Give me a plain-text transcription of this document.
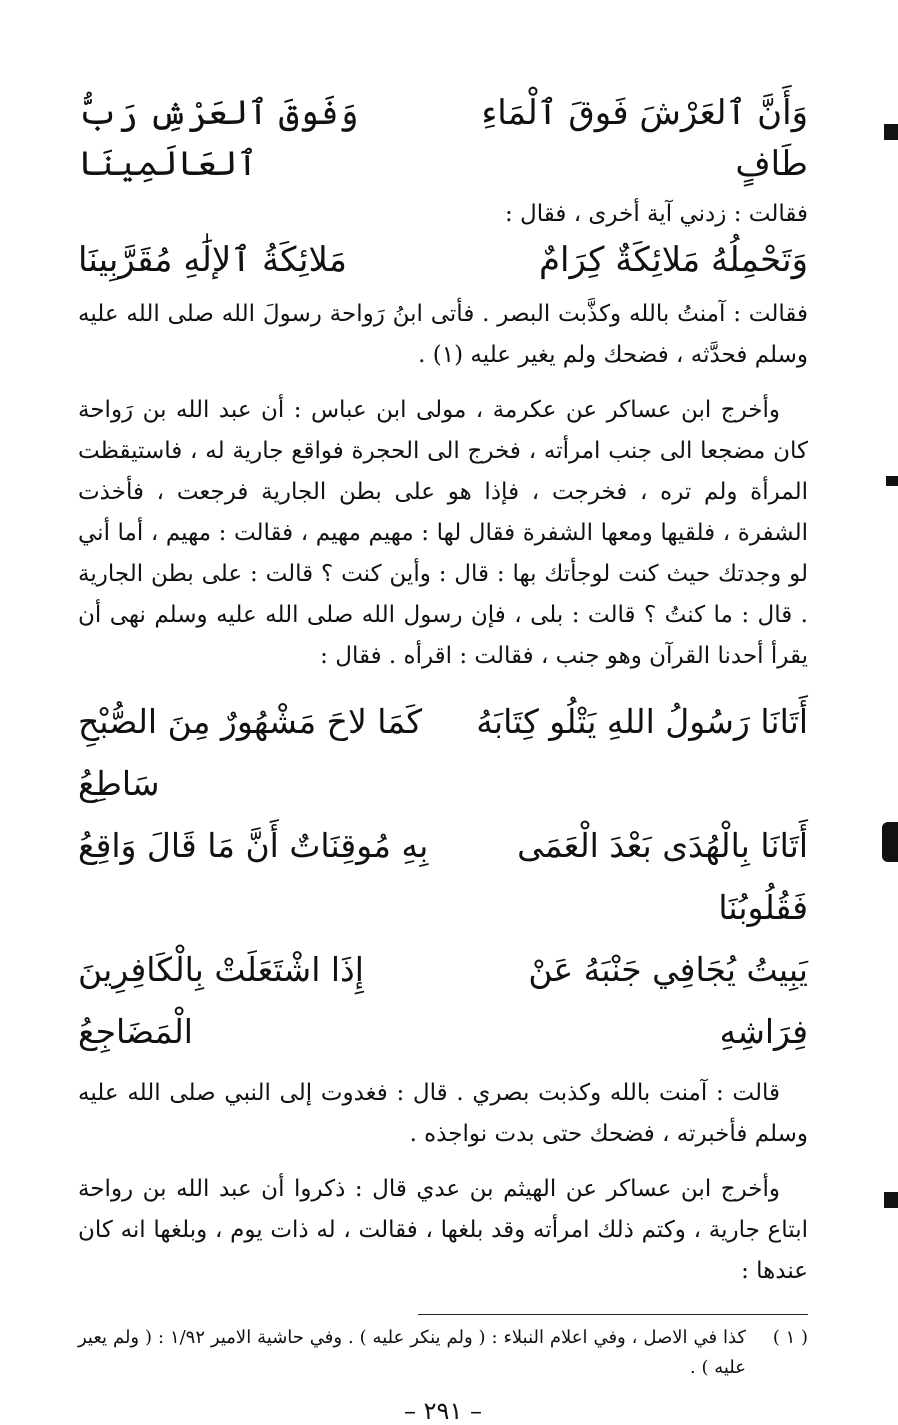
وَأَنَّ ٱلعَرْشَ فَوقَ ٱلْمَاءِ طَافٍ
وَفَوقَ ٱلعَرْشِ رَبُّ ٱلعَالَمِينَا

فقالت : زدني آية أخرى ، فقال :

وَتَحْمِلُهُ مَلائِكَةٌ كِرَامٌ
مَلائِكَةُ ٱلإلَٰهِ مُقَرَّبِينَا

فقالت : آمنتُ بالله وكذَّبت البصر . فأتى ابنُ رَواحة رسولَ الله صلى الله عليه وسلم فحدَّثه ، فضحك ولم يغير عليه (١) .

وأخرج ابن عساكر عن عكرمة ، مولى ابن عباس : أن عبد الله بن رَواحة كان مضجعا الى جنب امرأته ، فخرج الى الحجرة فواقع جارية له ، فاستيقظت المرأة ولم تره ، فخرجت ، فإذا هو على بطن الجارية فرجعت ، فأخذت الشفرة ، فلقيها ومعها الشفرة فقال لها : مهيم مهيم ، فقالت : مهيم ، أما أني لو وجدتك حيث كنت لوجأتك بها : قال : وأين كنت ؟ قالت : على بطن الجارية . قال : ما كنتُ ؟ قالت : بلى ، فإن رسول الله صلى الله عليه وسلم نهى أن يقرأ أحدنا القرآن وهو جنب ، فقالت : اقرأه . فقال :

أَتَانَا رَسُولُ اللهِ يَتْلُو كِتَابَهُ
كَمَا لاحَ مَشْهُورٌ مِنَ الصُّبْحِ سَاطِعُ
أَتَانَا بِالْهُدَى بَعْدَ الْعَمَى فَقُلُوبُنَا
بِهِ مُوقِنَاتٌ أَنَّ مَا قَالَ وَاقِعُ
يَبِيتُ يُجَافِي جَنْبَهُ عَنْ فِرَاشِهِ
إِذَا اشْتَعَلَتْ بِالْكَافِرِينَ الْمَضَاجِعُ

قالت : آمنت بالله وكذبت بصري . قال : فغدوت إلى النبي صلى الله عليه وسلم فأخبرته ، فضحك حتى بدت نواجذه .

وأخرج ابن عساكر عن الهيثم بن عدي قال : ذكروا أن عبد الله بن رواحة ابتاع جارية ، وكتم ذلك امرأته وقد بلغها ، فقالت ، له ذات يوم ، وبلغها انه كان عندها :

( ١ )
كذا في الاصل ، وفي اعلام النبلاء : ( ولم ينكر عليه ) . وفي حاشية الامير ١/٩٢ : ( ولم يعير عليه ) .
– ٢٩١ –
